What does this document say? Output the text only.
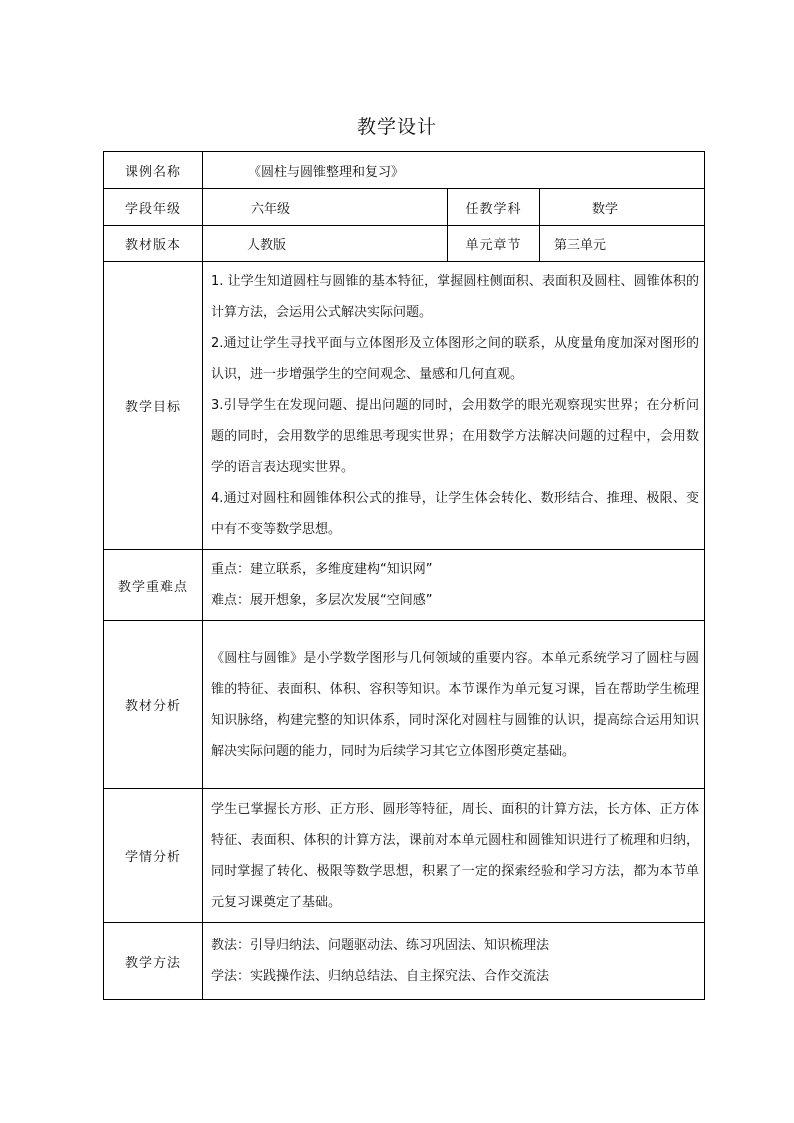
教学设计
课例名称	《圆柱与圆锥整理和复习》		
学段年级	六年级	任教学科	数学
教材版本	人教版	单元章节	第三单元
教学目标	1. 让学生知道圆柱与圆锥的基本特征，掌握圆柱侧面积、表面积及圆柱、圆锥体积的计算方法，会运用公式解决实际问题。

2.通过让学生寻找平面与立体图形及立体图形之间的联系，从度量角度加深对图形的认识，进一步增强学生的空间观念、量感和几何直观。

3.引导学生在发现问题、提出问题的同时，会用数学的眼光观察现实世界；在分析问题的同时，会用数学的思维思考现实世界；在用数学方法解决问题的过程中，会用数学的语言表达现实世界。

4.通过对圆柱和圆锥体积公式的推导，让学生体会转化、数形结合、推理、极限、变中有不变等数学思想。		

教学重难点	重点：建立联系，多维度建构“知识网”

难点：展开想象，多层次发展“空间感”		

教材分析	《圆柱与圆锥》是小学数学图形与几何领域的重要内容。本单元系统学习了圆柱与圆锥的特征、表面积、体积、容积等知识。本节课作为单元复习课，旨在帮助学生梳理知识脉络，构建完整的知识体系，同时深化对圆柱与圆锥的认识，提高综合运用知识解决实际问题的能力，同时为后续学习其它立体图形奠定基础。		

学情分析	学生已掌握长方形、正方形、圆形等特征，周长、面积的计算方法，长方体、正方体特征、表面积、体积的计算方法，课前对本单元圆柱和圆锥知识进行了梳理和归纳，同时掌握了转化、极限等数学思想，积累了一定的探索经验和学习方法，都为本节单元复习课奠定了基础。		

教学方法	教法：引导归纳法、问题驱动法、练习巩固法、知识梳理法

学法：实践操作法、归纳总结法、自主探究法、合作交流法		
